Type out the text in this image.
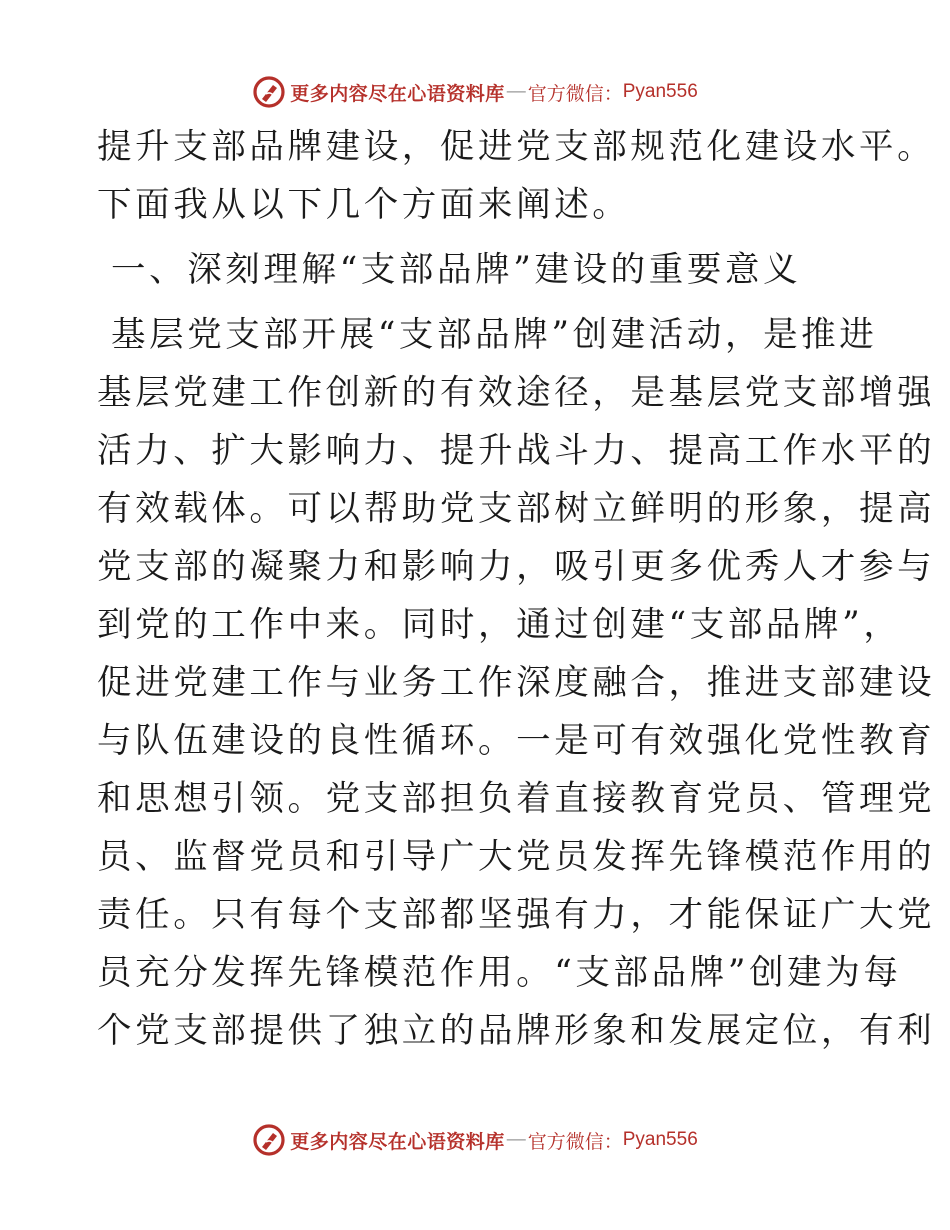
更多内容尽在心语资料库 — 官方微信： Pyan556
提升支部品牌建设，促进党支部规范化建设水平。
下面我从以下几个方面来阐述。
一、深刻理解“支部品牌”建设的重要意义
基层党支部开展“支部品牌”创建活动，是推进
基层党建工作创新的有效途径，是基层党支部增强
活力、扩大影响力、提升战斗力、提高工作水平的
有效载体。可以帮助党支部树立鲜明的形象，提高
党支部的凝聚力和影响力，吸引更多优秀人才参与
到党的工作中来。同时，通过创建“支部品牌”，
促进党建工作与业务工作深度融合，推进支部建设
与队伍建设的良性循环。一是可有效强化党性教育
和思想引领。党支部担负着直接教育党员、管理党
员、监督党员和引导广大党员发挥先锋模范作用的
责任。只有每个支部都坚强有力，才能保证广大党
员充分发挥先锋模范作用。“支部品牌”创建为每
个党支部提供了独立的品牌形象和发展定位，有利
更多内容尽在心语资料库 — 官方微信： Pyan556
